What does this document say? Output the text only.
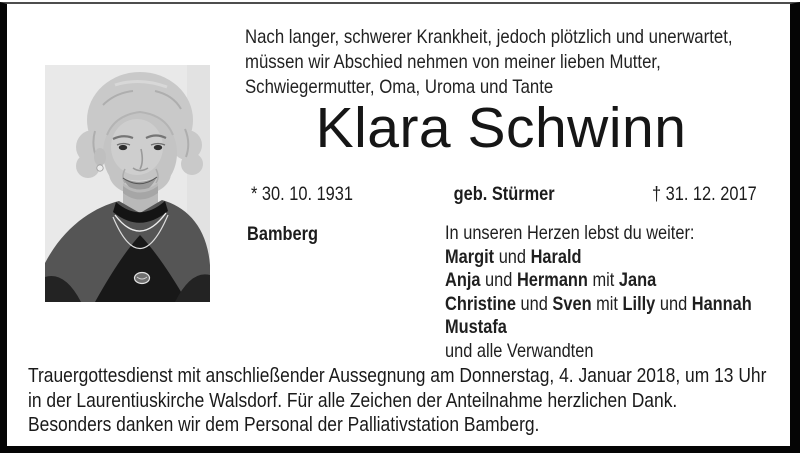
Nach langer, schwerer Krankheit, jedoch plötzlich und unerwartet,
müssen wir Abschied nehmen von meiner lieben Mutter,
Schwiegermutter, Oma, Uroma und Tante
Klara Schwinn
* 30. 10. 1931	geb. Stürmer	† 31. 12. 2017
Bamberg	In unseren Herzen lebst du weiter:
Margit und Harald
Anja und Hermann mit Jana
Christine und Sven mit Lilly und Hannah
Mustafa
und alle Verwandten
Trauergottesdienst mit anschließender Aussegnung am Donnerstag, 4. Januar 2018, um 13 Uhr
in der Laurentiuskirche Walsdorf. Für alle Zeichen der Anteilnahme herzlichen Dank.
Besonders danken wir dem Personal der Palliativstation Bamberg.
